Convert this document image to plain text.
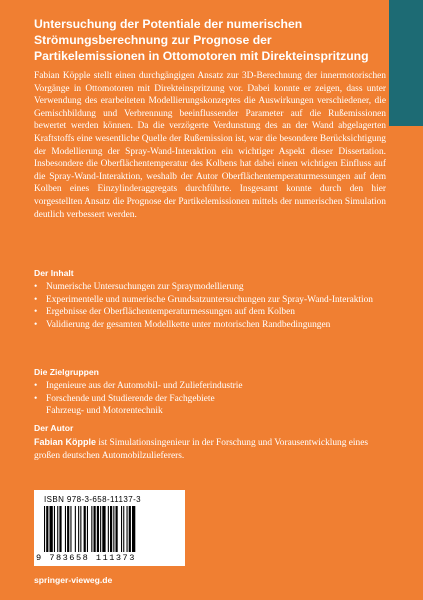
Untersuchung der Potentiale der numerischen Strömungsberechnung zur Prognose der Partikelemissionen in Ottomotoren mit Direkteinspritzung
Fabian Köpple stellt einen durchgängigen Ansatz zur 3D-Berechnung der innermotorischen Vorgänge in Ottomotoren mit Direkteinspritzung vor. Dabei konnte er zeigen, dass unter Verwendung des erarbeiteten Modellierungskonzeptes die Auswirkungen verschiedener, die Gemischbildung und Verbrennung beeinflussender Parameter auf die Rußemissionen bewertet werden können. Da die verzögerte Verdunstung des an der Wand abgelagerten Kraftstoffs eine wesentliche Quelle der Rußemission ist, war die besondere Berücksichtigung der Modellierung der Spray-Wand-Interaktion ein wichtiger Aspekt dieser Dissertation. Insbesondere die Oberflächentemperatur des Kolbens hat dabei einen wichtigen Einfluss auf die Spray-Wand-Interaktion, weshalb der Autor Oberflächentemperaturmessungen auf dem Kolben eines Einzylinderaggregats durchführte. Insgesamt konnte durch den hier vorgestellten Ansatz die Prognose der Partikelemissionen mittels der numerischen Simulation deutlich verbessert werden.
Der Inhalt
• Numerische Untersuchungen zur Spraymodellierung
• Experimentelle und numerische Grundsatzuntersuchungen zur Spray-Wand-Interaktion
• Ergebnisse der Oberflächentemperaturmessungen auf dem Kolben
• Validierung der gesamten Modellkette unter motorischen Randbedingungen
Die Zielgruppen
• Ingenieure aus der Automobil- und Zulieferindustrie
• Forschende und Studierende der Fachgebiete Fahrzeug- und Motorentechnik
Der Autor
Fabian Köpple ist Simulationsingenieur in der Forschung und Vorausentwicklung eines großen deutschen Automobilzulieferers.
ISBN 978-3-658-11137-3
9 783658 111373
springer-vieweg.de
